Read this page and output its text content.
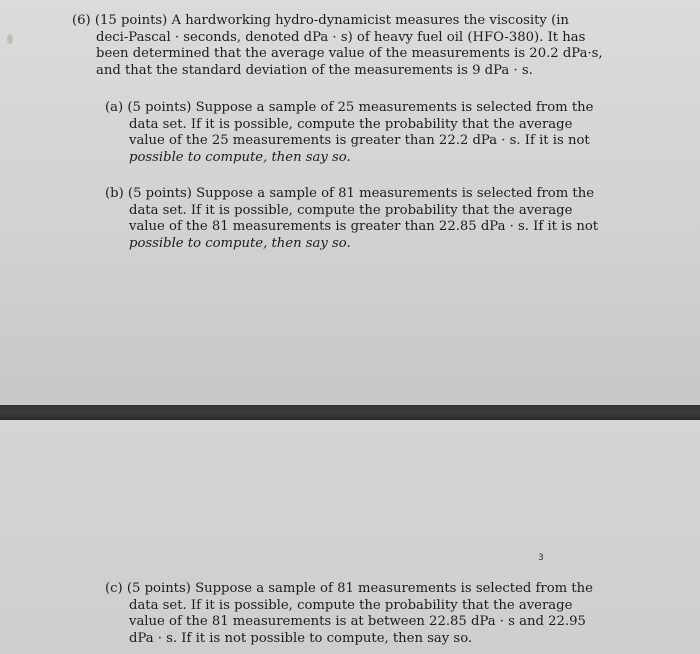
(6) (15 points) A hardworking hydro-dynamicist measures the viscosity (in
deci-Pascal · seconds, denoted dPa · s) of heavy fuel oil (HFO-380). It has
been determined that the average value of the measurements is 20.2 dPa·s,
and that the standard deviation of the measurements is 9 dPa · s.
(a) (5 points) Suppose a sample of 25 measurements is selected from the
data set. If it is possible, compute the probability that the average
value of the 25 measurements is greater than 22.2 dPa · s. If it is not
possible to compute, then say so.
(b) (5 points) Suppose a sample of 81 measurements is selected from the
data set. If it is possible, compute the probability that the average
value of the 81 measurements is greater than 22.85 dPa · s. If it is not
possible to compute, then say so.
3
(c) (5 points) Suppose a sample of 81 measurements is selected from the
data set. If it is possible, compute the probability that the average
value of the 81 measurements is at between 22.85 dPa · s and 22.95
dPa · s. If it is not possible to compute, then say so.
